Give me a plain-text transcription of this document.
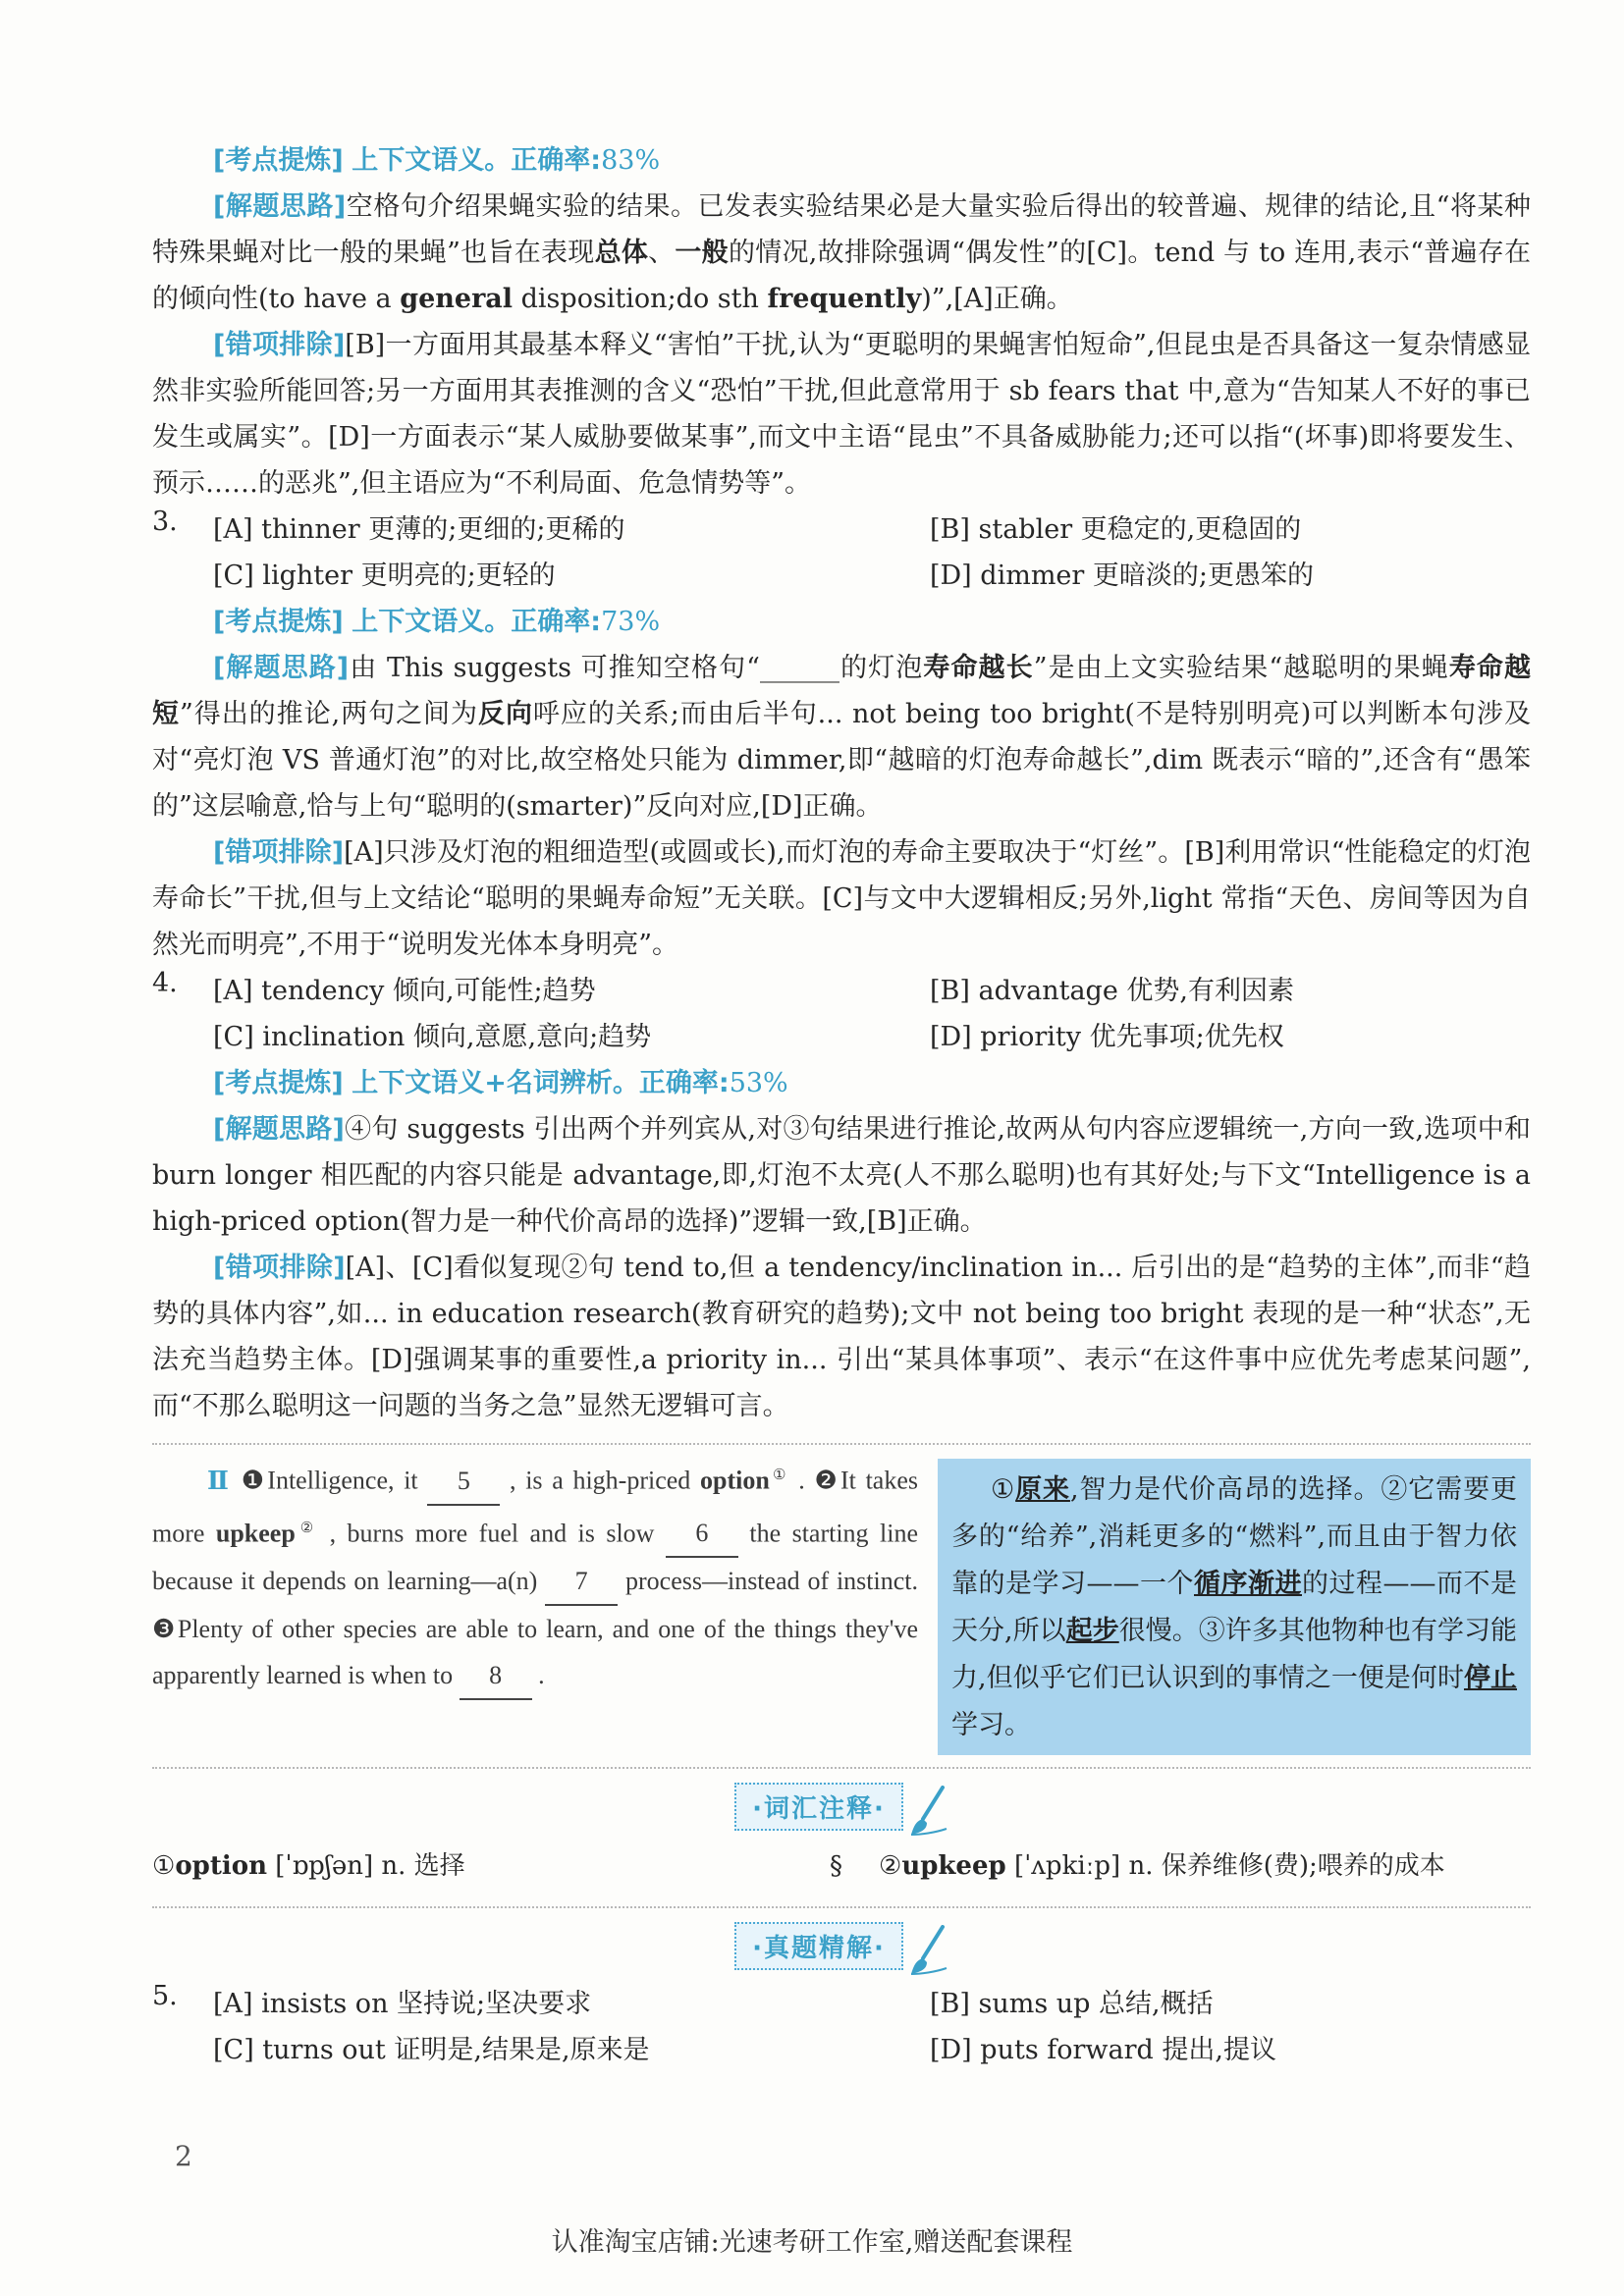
[考点提炼] 上下文语义。正确率:83%

[解题思路]空格句介绍果蝇实验的结果。已发表实验结果必是大量实验后得出的较普遍、规律的结论,且“将某种特殊果蝇对比一般的果蝇”也旨在表现总体、一般的情况,故排除强调“偶发性”的[C]。tend 与 to 连用,表示“普遍存在的倾向性(to have a general disposition;do sth frequently)”,[A]正确。

[错项排除][B]一方面用其最基本释义“害怕”干扰,认为“更聪明的果蝇害怕短命”,但昆虫是否具备这一复杂情感显然非实验所能回答;另一方面用其表推测的含义“恐怕”干扰,但此意常用于 sb fears that 中,意为“告知某人不好的事已发生或属实”。[D]一方面表示“某人威胁要做某事”,而文中主语“昆虫”不具备威胁能力;还可以指“(坏事)即将要发生、预示……的恶兆”,但主语应为“不利局面、危急情势等”。

3. [A] thinner 更薄的;更细的;更稀的	[B] stabler 更稳定的,更稳固的
[C] lighter 更明亮的;更轻的	[D] dimmer 更暗淡的;更愚笨的

[考点提炼] 上下文语义。正确率:73%

[解题思路]由 This suggests 可推知空格句“______的灯泡寿命越长”是由上文实验结果“越聪明的果蝇寿命越短”得出的推论,两句之间为反向呼应的关系;而由后半句... not being too bright(不是特别明亮)可以判断本句涉及对“亮灯泡 VS 普通灯泡”的对比,故空格处只能为 dimmer,即“越暗的灯泡寿命越长”,dim 既表示“暗的”,还含有“愚笨的”这层喻意,恰与上句“聪明的(smarter)”反向对应,[D]正确。

[错项排除][A]只涉及灯泡的粗细造型(或圆或长),而灯泡的寿命主要取决于“灯丝”。[B]利用常识“性能稳定的灯泡寿命长”干扰,但与上文结论“聪明的果蝇寿命短”无关联。[C]与文中大逻辑相反;另外,light 常指“天色、房间等因为自然光而明亮”,不用于“说明发光体本身明亮”。

4. [A] tendency 倾向,可能性;趋势	[B] advantage 优势,有利因素
[C] inclination 倾向,意愿,意向;趋势	[D] priority 优先事项;优先权

[考点提炼] 上下文语义+名词辨析。正确率:53%

[解题思路]④句 suggests 引出两个并列宾从,对③句结果进行推论,故两从句内容应逻辑统一,方向一致,选项中和 burn longer 相匹配的内容只能是 advantage,即,灯泡不太亮(人不那么聪明)也有其好处;与下文“Intelligence is a high-priced option(智力是一种代价高昂的选择)”逻辑一致,[B]正确。

[错项排除][A]、[C]看似复现②句 tend to,但 a tendency/inclination in... 后引出的是“趋势的主体”,而非“趋势的具体内容”,如... in education research(教育研究的趋势);文中 not being too bright 表现的是一种“状态”,无法充当趋势主体。[D]强调某事的重要性,a priority in... 引出“某具体事项”、表示“在这件事中应优先考虑某问题”,而“不那么聪明这一问题的当务之急”显然无逻辑可言。

Ⅱ ❶Intelligence, it 5 , is a high-priced option① . ❷It takes more upkeep② , burns more fuel and is slow 6 the starting line because it depends on learning—a(n) 7 process—instead of instinct. ❸Plenty of other species are able to learn, and one of the things they've apparently learned is when to 8 .
①原来,智力是代价高昂的选择。②它需要更多的“给养”,消耗更多的“燃料”,而且由于智力依靠的是学习——一个循序渐进的过程——而不是天分,所以起步很慢。③许多其他物种也有学习能力,但似乎它们已认识到的事情之一便是何时停止学习。
·词汇注释·
①option [ˈɒpʃən] n. 选择	§ ②upkeep [ˈʌpkiːp] n. 保养维修(费);喂养的成本
·真题精解·
5. [A] insists on 坚持说;坚决要求	[B] sums up 总结,概括
[C] turns out 证明是,结果是,原来是	[D] puts forward 提出,提议
2
认准淘宝店铺:光速考研工作室,赠送配套课程
